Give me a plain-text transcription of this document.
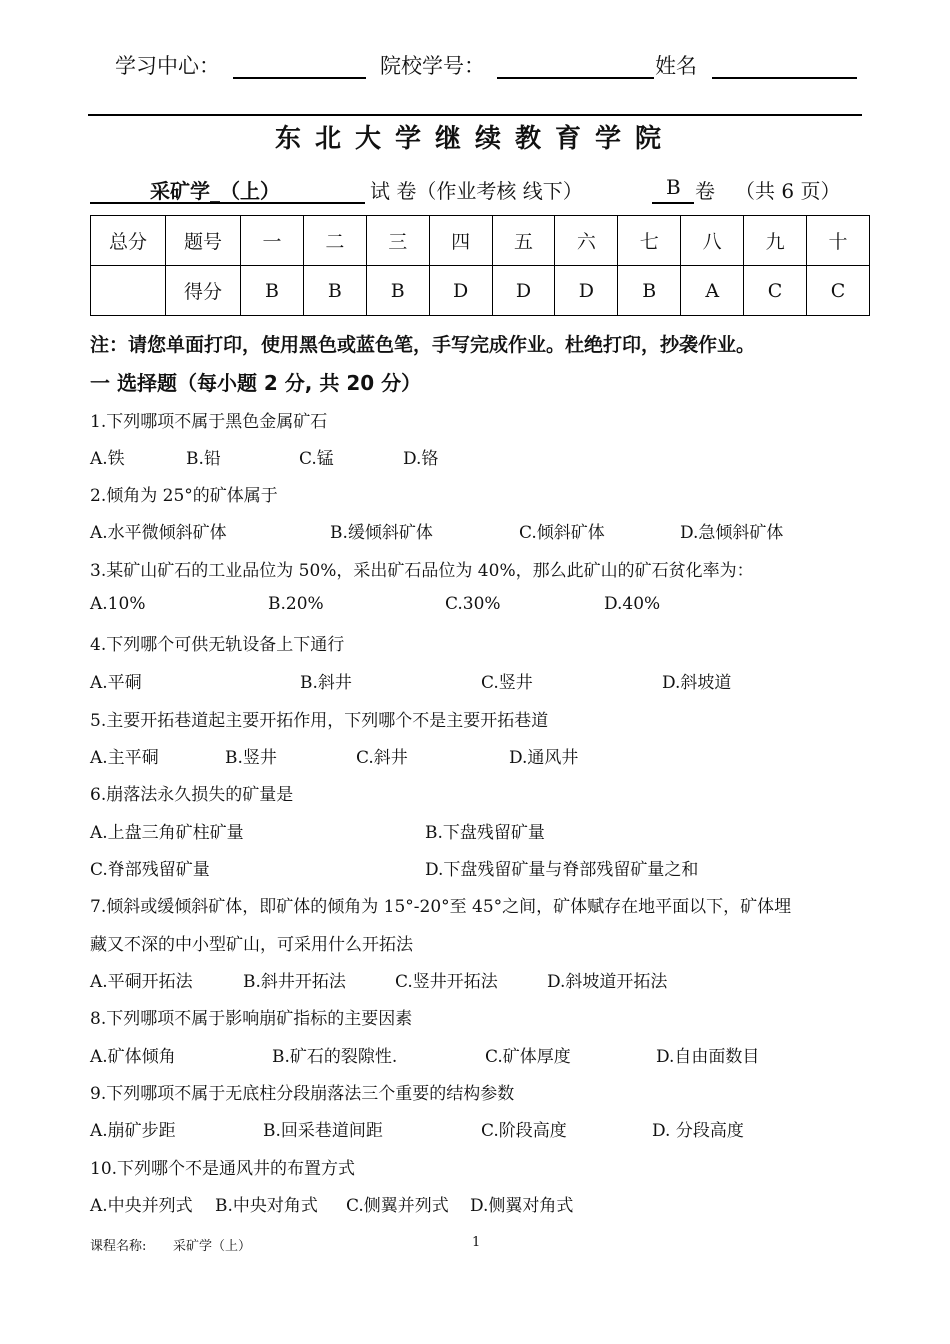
学习中心：	院校学号：	姓名
东北大学继续教育学院
采矿学_（上）	试 卷（作业考核 线下）	B 卷 （共 6 页）
总分	题号	一	二	三	四	五	六	七	八	九	十
	得分	B	B	B	D	D	D	B	A	C	C
注：请您单面打印，使用黑色或蓝色笔，手写完成作业。杜绝打印，抄袭作业。
一 选择题（每小题 2 分, 共 20 分）
1.下列哪项不属于黑色金属矿石
A.铁	B.铅	C.锰	D.铬
2.倾角为 25°的矿体属于
A.水平微倾斜矿体	B.缓倾斜矿体	C.倾斜矿体	D.急倾斜矿体
3.某矿山矿石的工业品位为 50%，采出矿石品位为 40%，那么此矿山的矿石贫化率为：
A.10%	B.20%	C.30%	D.40%
4.下列哪个可供无轨设备上下通行
A.平硐	B.斜井	C.竖井	D.斜坡道
5.主要开拓巷道起主要开拓作用，下列哪个不是主要开拓巷道
A.主平硐	B.竖井	C.斜井	D.通风井
6.崩落法永久损失的矿量是
A.上盘三角矿柱矿量	B.下盘残留矿量
C.脊部残留矿量	D.下盘残留矿量与脊部残留矿量之和
7.倾斜或缓倾斜矿体，即矿体的倾角为 15°-20°至 45°之间，矿体赋存在地平面以下，矿体埋
藏又不深的中小型矿山，可采用什么开拓法
A.平硐开拓法	B.斜井开拓法	C.竖井开拓法	D.斜坡道开拓法
8.下列哪项不属于影响崩矿指标的主要因素
A.矿体倾角	B.矿石的裂隙性.	C.矿体厚度	D.自由面数目
9.下列哪项不属于无底柱分段崩落法三个重要的结构参数
A.崩矿步距	B.回采巷道间距	C.阶段高度	D. 分段高度
10.下列哪个不是通风井的布置方式
A.中央并列式 B.中央对角式 C.侧翼并列式 D.侧翼对角式
课程名称: 采矿学（上）	1
